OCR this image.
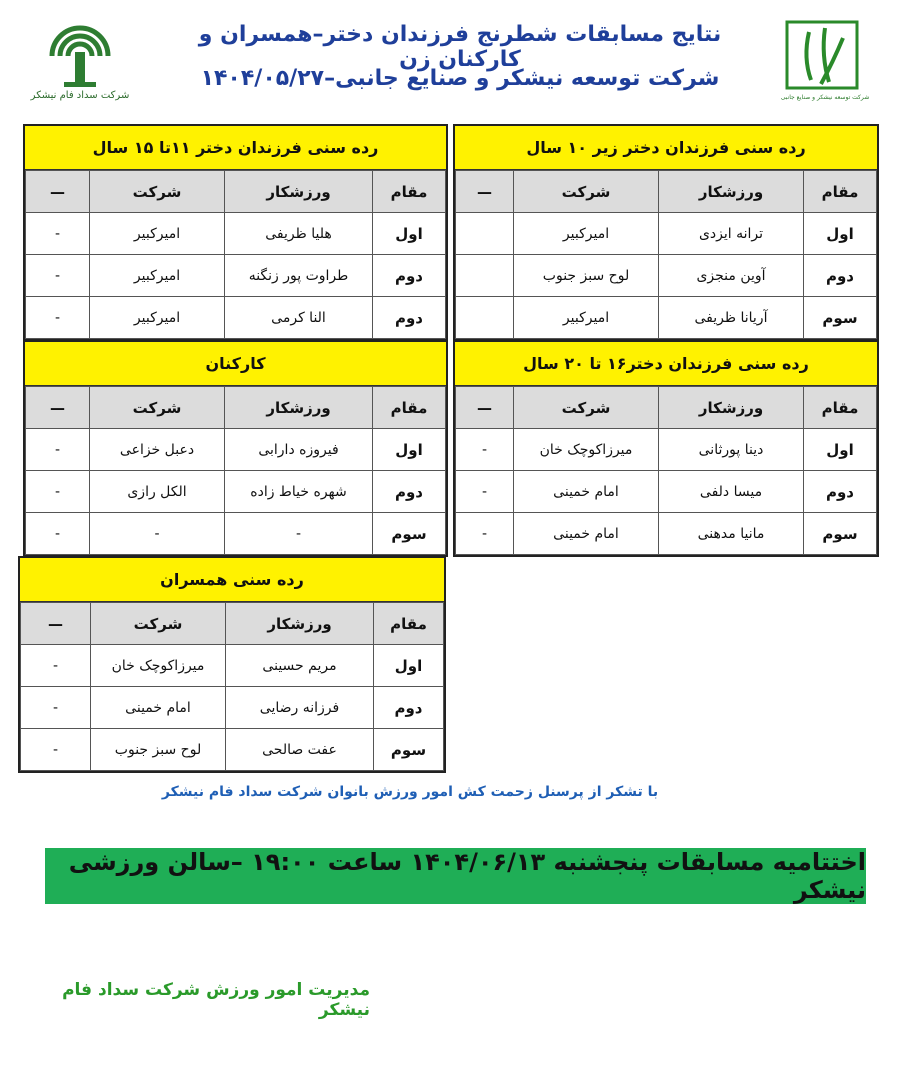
نتایج مسابقات شطرنج فرزندان دختر–همسران و کارکنان زن
شرکت توسعه نیشکر و صنایع جانبی–۱۴۰۴/۰۵/۲۷
شرکت توسعه نیشکر و صنایع جانبی
شرکت سداد فام نیشکر
رده سنی فرزندان دختر زیر ۱۰ سال
مقام	ورزشکار	شرکت	—
اول	ترانه ایزدی	امیرکبیر	
دوم	آوین منجزی	لوح سبز جنوب	
سوم	آریانا ظریفی	امیرکبیر	
رده سنی فرزندان دختر ۱۱تا ۱۵ سال
مقام	ورزشکار	شرکت	—
اول	هلیا ظریفی	امیرکبیر	-
دوم	طراوت پور زنگنه	امیرکبیر	-
دوم	النا کرمی	امیرکبیر	-
رده سنی فرزندان دختر۱۶ تا ۲۰ سال
مقام	ورزشکار	شرکت	—
اول	دینا پورثانی	میرزاکوچک خان	-
دوم	میسا دلفی	امام خمینی	-
سوم	مانیا مدهنی	امام خمینی	-
کارکنان
مقام	ورزشکار	شرکت	—
اول	فیروزه دارابی	دعبل خزاعی	-
دوم	شهره خیاط زاده	الکل رازی	-
سوم	-	-	-
رده سنی همسران
مقام	ورزشکار	شرکت	—
اول	مریم حسینی	میرزاکوچک خان	-
دوم	فرزانه رضایی	امام خمینی	-
سوم	عفت صالحی	لوح سبز جنوب	-
با تشکر از پرسنل زحمت کش امور ورزش بانوان شرکت سداد فام نیشکر
اختتامیه مسابقات پنجشنبه ۱۴۰۴/۰۶/۱۳ ساعت ۱۹:۰۰ –سالن ورزشی نیشکر
مدیریت امور ورزش شرکت سداد فام نیشکر
